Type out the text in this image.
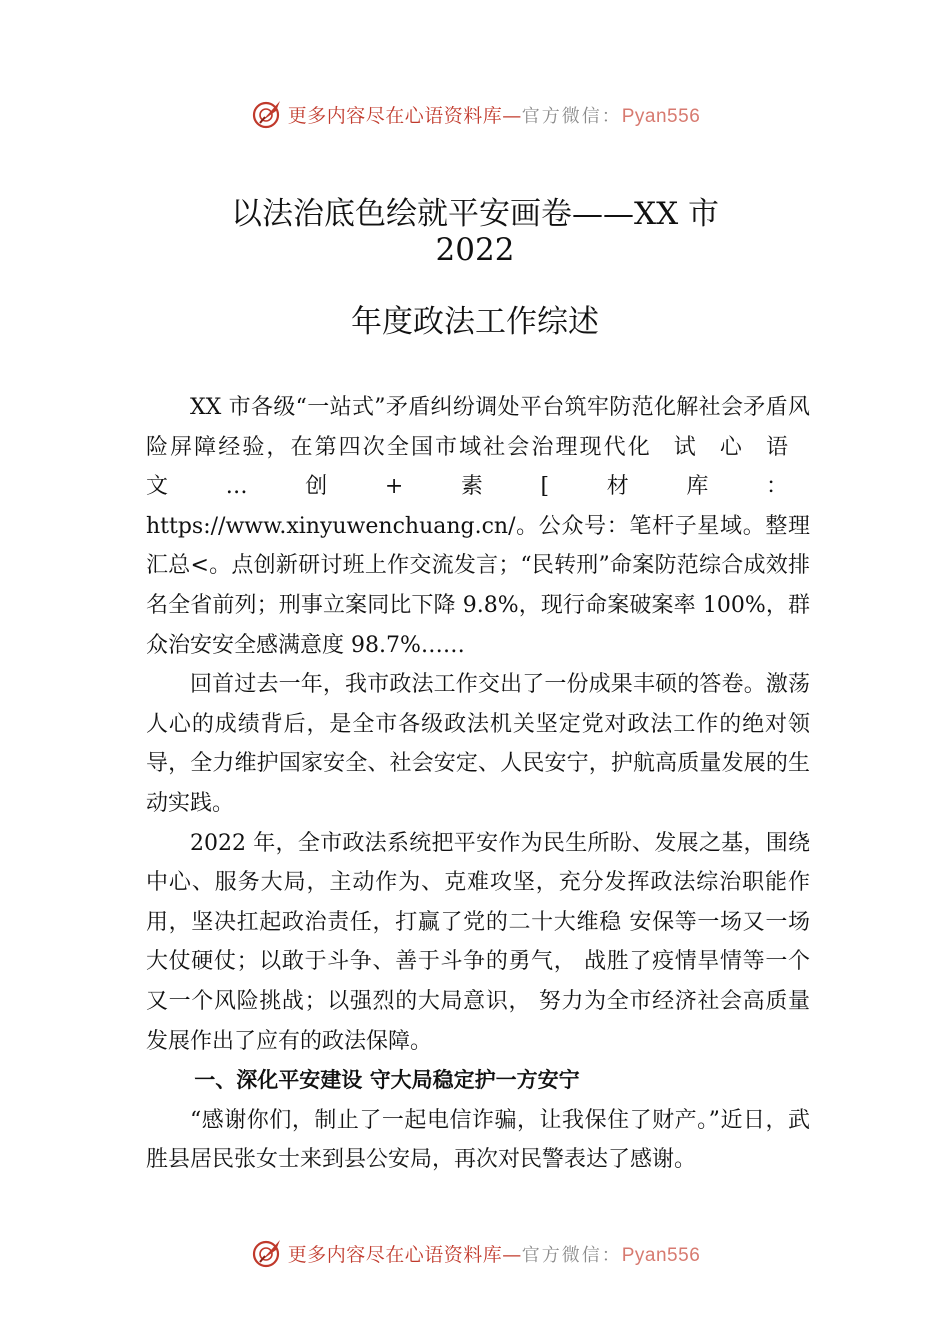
更多内容尽在心语资料库—官方微信：Pyan556
以法治底色绘就平安画卷——XX 市
2022
年度政法工作综述

XX 市各级“一站式”矛盾纠纷调处平台筑牢防范化解社会矛盾风险屏障经验，在第四次全国市域社会治理现代化试心语文…创+素[材库：https://www.xinyuwenchuang.cn/。公众号：笔杆子星域。整理汇总<。点创新研讨班上作交流发言；“民转刑”命案防范综合成效排名全省前列；刑事立案同比下降 9.8%，现行命案破案率 100%，群众治安安全感满意度 98.7%……

回首过去一年，我市政法工作交出了一份成果丰硕的答卷。激荡人心的成绩背后，是全市各级政法机关坚定党对政法工作的绝对领导，全力维护国家安全、社会安定、人民安宁，护航高质量发展的生动实践。

2022 年，全市政法系统把平安作为民生所盼、发展之基，围绕中心、服务大局，主动作为、克难攻坚，充分发挥政法综治职能作用，坚决扛起政治责任，打赢了党的二十大维稳 安保等一场又一场大仗硬仗；以敢于斗争、善于斗争的勇气， 战胜了疫情旱情等一个又一个风险挑战；以强烈的大局意识， 努力为全市经济社会高质量发展作出了应有的政法保障。

一、深化平安建设 守大局稳定护一方安宁

“感谢你们，制止了一起电信诈骗，让我保住了财产。”近日，武胜县居民张女士来到县公安局，再次对民警表达了感谢。

更多内容尽在心语资料库—官方微信：Pyan556
